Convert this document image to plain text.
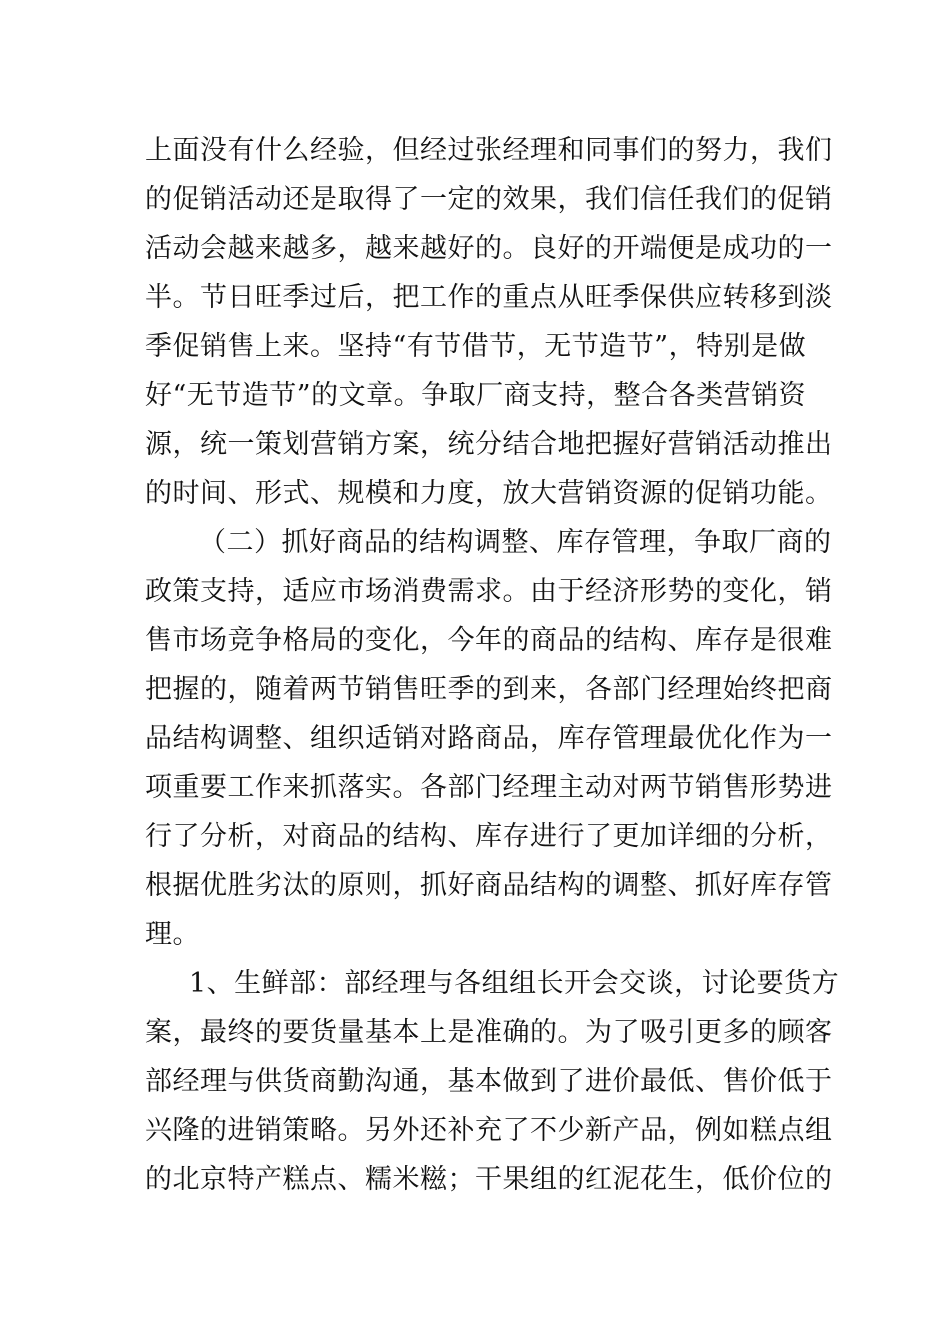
上面没有什么经验，但经过张经理和同事们的努力，我们
的促销活动还是取得了一定的效果，我们信任我们的促销
活动会越来越多，越来越好的。良好的开端便是成功的一
半。节日旺季过后，把工作的重点从旺季保供应转移到淡
季促销售上来。坚持“有节借节，无节造节”，特别是做
好“无节造节”的文章。争取厂商支持，整合各类营销资
源，统一策划营销方案，统分结合地把握好营销活动推出
的时间、形式、规模和力度，放大营销资源的促销功能。
（二）抓好商品的结构调整、库存管理，争取厂商的
政策支持，适应市场消费需求。由于经济形势的变化，销
售市场竞争格局的变化，今年的商品的结构、库存是很难
把握的，随着两节销售旺季的到来，各部门经理始终把商
品结构调整、组织适销对路商品，库存管理最优化作为一
项重要工作来抓落实。各部门经理主动对两节销售形势进
行了分析，对商品的结构、库存进行了更加详细的分析，
根据优胜劣汰的原则，抓好商品结构的调整、抓好库存管
理。
1、生鲜部：部经理与各组组长开会交谈，讨论要货方
案，最终的要货量基本上是准确的。为了吸引更多的顾客
部经理与供货商勤沟通，基本做到了进价最低、售价低于
兴隆的进销策略。另外还补充了不少新产品，例如糕点组
的北京特产糕点、糯米糍；干果组的红泥花生，低价位的
